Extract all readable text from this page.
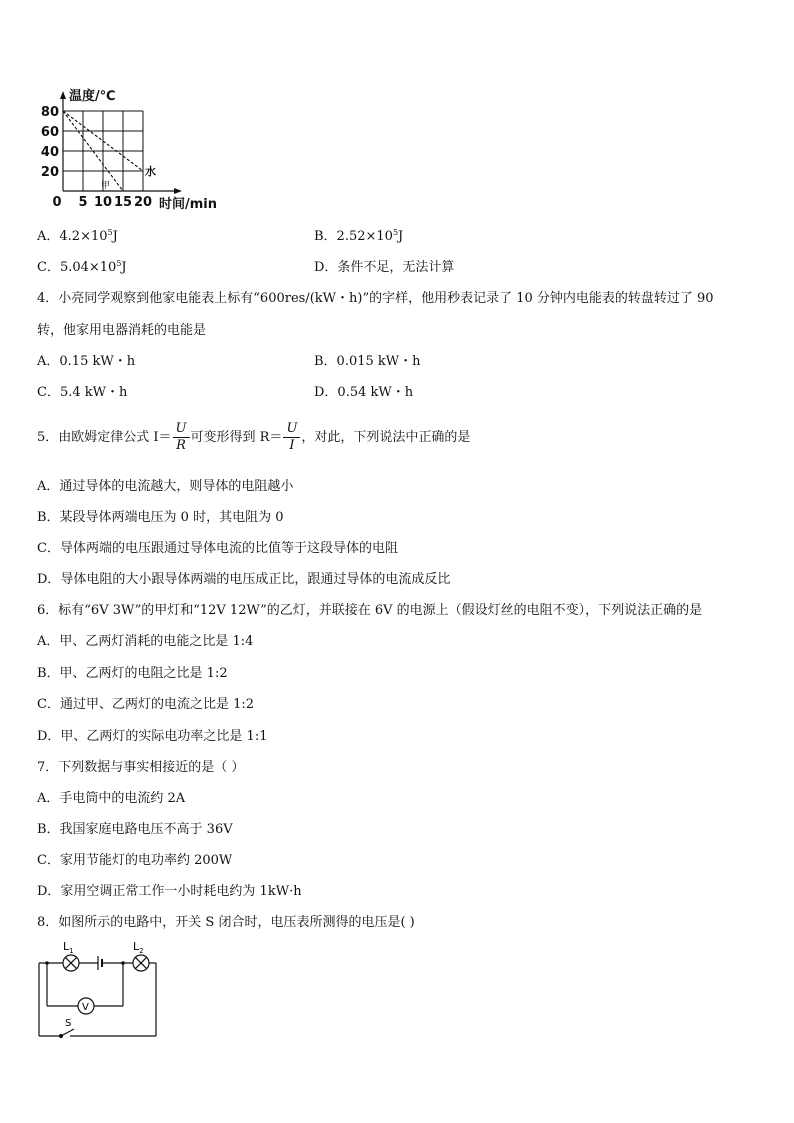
甲
水
20
40
60
80
0 5 10 15 20
温度/℃
时间/min
A．$4.2\times 10^5J$	B．$2.52\times 10^5J$
C．$5.04\times 10^5J$	D．条件不足，无法计算
4．小亮同学观察到他家电能表上标有“600res/(kW・h)”的字样，他用秒表记录了 10 分钟内电能表的转盘转过了 90
转，他家用电器消耗的电能是
A．0.15 kW・h	B．0.015 kW・h
C．5.4 kW・h	D．0.54 kW・h
5．由欧姆定律公式 $I= \frac{U}{R}$ 可变形得到 $R= \frac{U}{I}$ ，对此，下列说法中正确的是
A．通过导体的电流越大，则导体的电阻越小
B．某段导体两端电压为 0 时，其电阻为 0
C．导体两端的电压跟通过导体电流的比值等于这段导体的电阻
D．导体电阻的大小跟导体两端的电压成正比，跟通过导体的电流成反比
6．标有“6V 3W”的甲灯和“12V 12W”的乙灯，并联接在 6V 的电源上（假设灯丝的电阻不变），下列说法正确的是
A．甲、乙两灯消耗的电能之比是 1:4
B．甲、乙两灯的电阻之比是 1:2
C．通过甲、乙两灯的电流之比是 1:2
D．甲、乙两灯的实际电功率之比是 1:1
7．下列数据与事实相接近的是（ ）
A．手电筒中的电流约 2A
B．我国家庭电路电压不高于 36V
C．家用节能灯的电功率约 200W
D．家用空调正常工作一小时耗电约为 1kW·h
8．如图所示的电路中，开关 S 闭合时，电压表所测得的电压是( )
$L_1$	$L_2$
V
S
